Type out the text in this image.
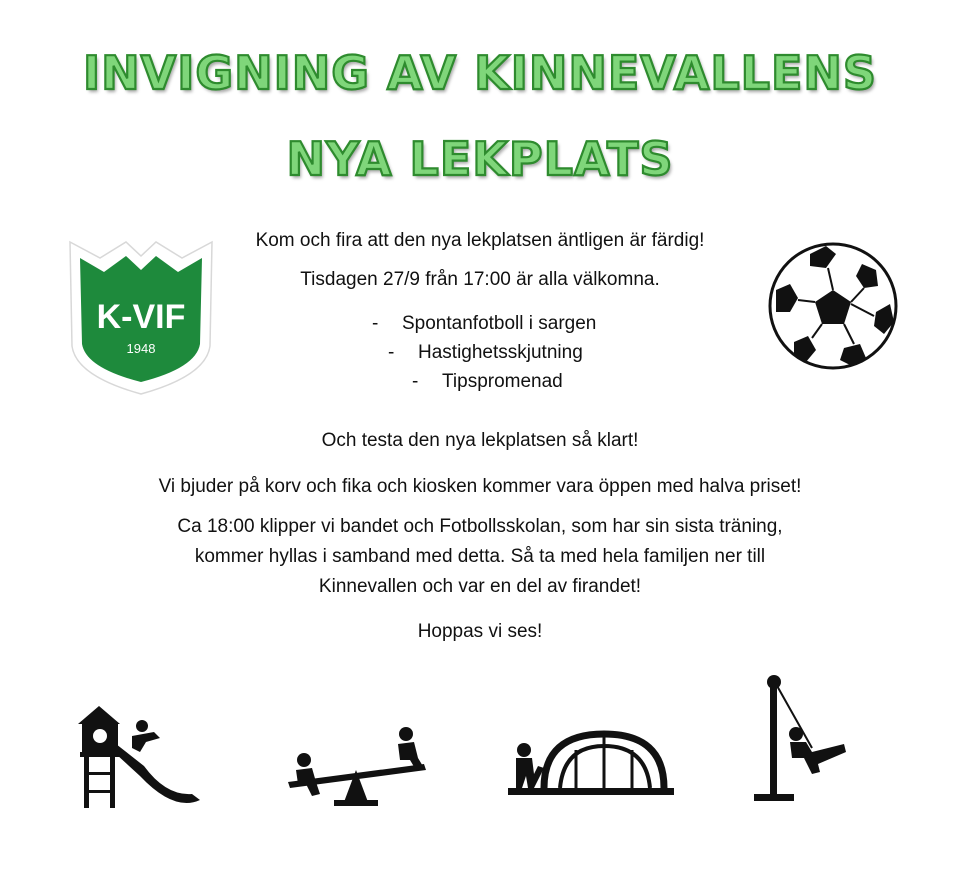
INVIGNING AV KINNEVALLENS
NYA LEKPLATS
K-VIF
1948
Kom och fira att den nya lekplatsen äntligen är färdig!
Tisdagen 27/9 från 17:00 är alla välkomna.
- Spontanfotboll i sargen
- Hastighetsskjutning
- Tipspromenad
Och testa den nya lekplatsen så klart!
Vi bjuder på korv och fika och kiosken kommer vara öppen med halva priset!
Ca 18:00 klipper vi bandet och Fotbollsskolan, som har sin sista träning,
kommer hyllas i samband med detta. Så ta med hela familjen ner till
Kinnevallen och var en del av firandet!
Hoppas vi ses!
